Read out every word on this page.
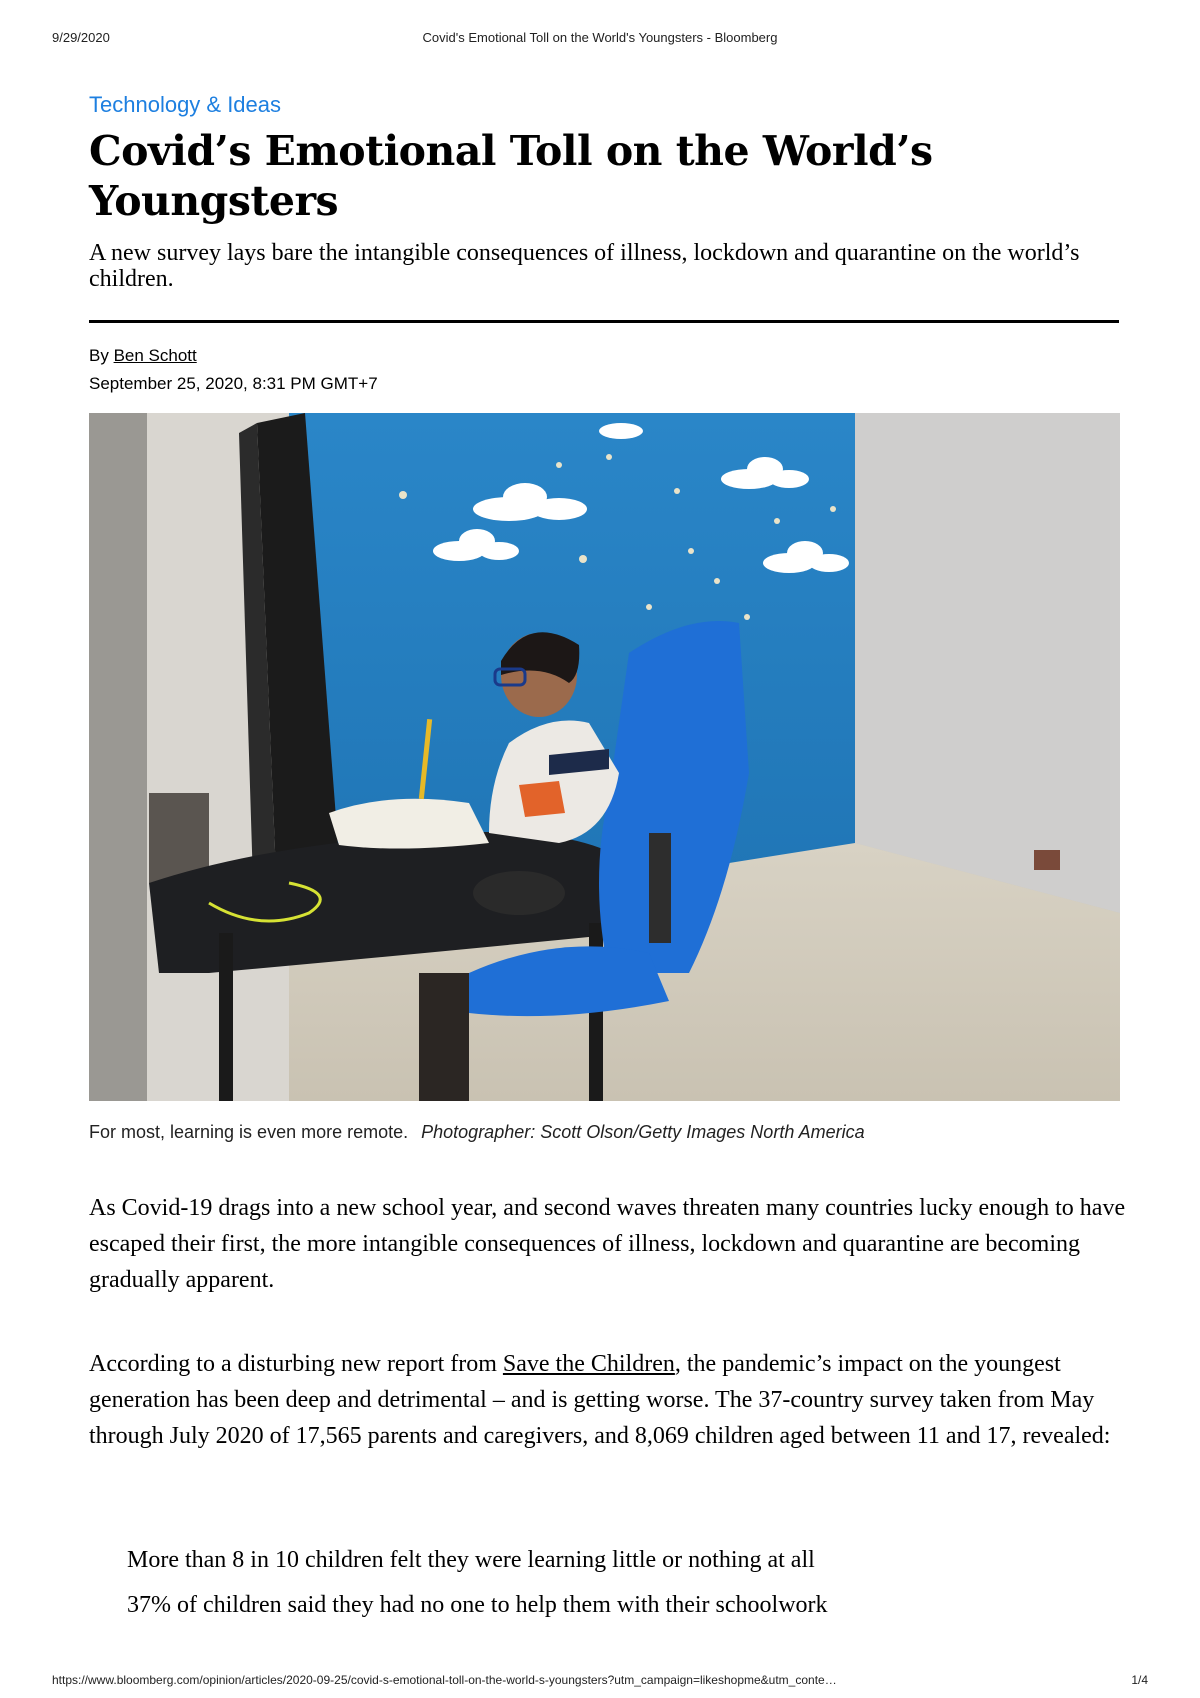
9/29/2020	Covid's Emotional Toll on the World's Youngsters - Bloomberg
Technology & Ideas
Covid’s Emotional Toll on the World’s Youngsters
A new survey lays bare the intangible consequences of illness, lockdown and quarantine on the world’s children.
By Ben Schott
September 25, 2020, 8:31 PM GMT+7
For most, learning is even more remote. Photographer: Scott Olson/Getty Images North America

As Covid-19 drags into a new school year, and second waves threaten many countries lucky enough to have escaped their first, the more intangible consequences of illness, lockdown and quarantine are becoming gradually apparent.

According to a disturbing new report from Save the Children, the pandemic’s impact on the youngest generation has been deep and detrimental – and is getting worse. The 37-country survey taken from May through July 2020 of 17,565 parents and caregivers, and 8,069 children aged between 11 and 17, revealed:

More than 8 in 10 children felt they were learning little or nothing at all
37% of children said they had no one to help them with their schoolwork
https://www.bloomberg.com/opinion/articles/2020-09-25/covid-s-emotional-toll-on-the-world-s-youngsters?utm_campaign=likeshopme&utm_conte…	1/4
